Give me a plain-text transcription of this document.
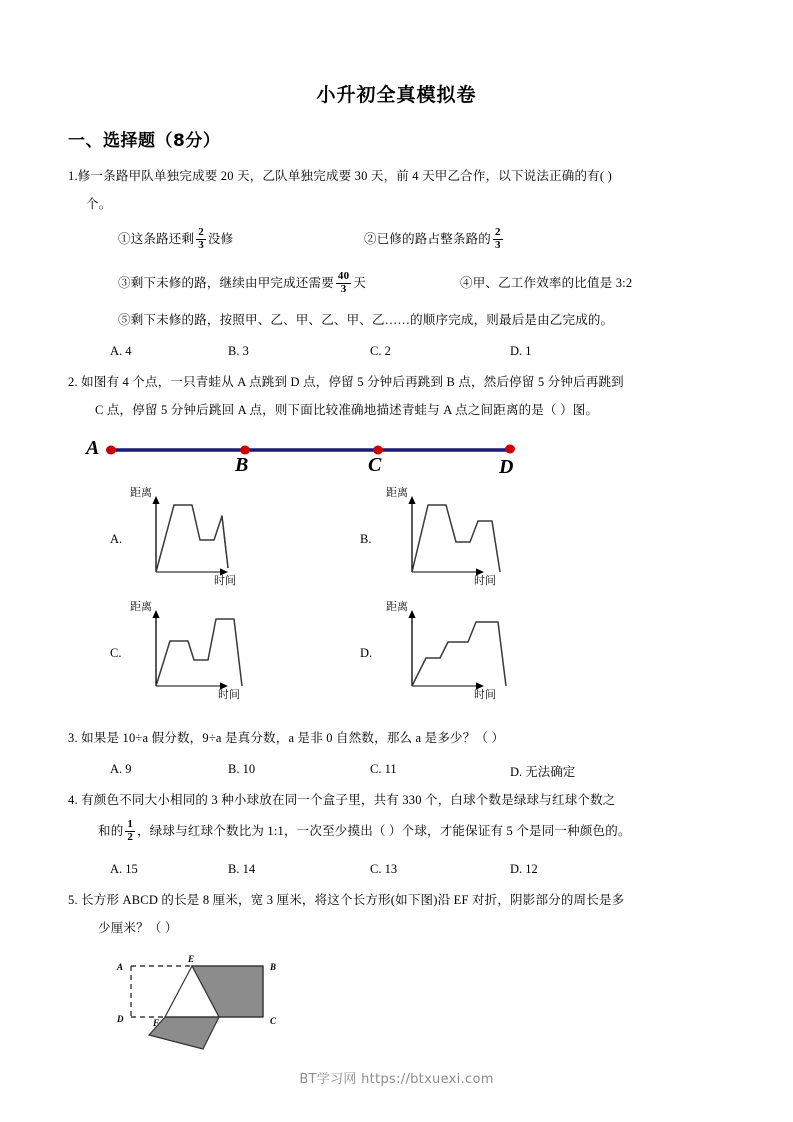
小升初全真模拟卷
一、选择题（8分）
1.修一条路甲队单独完成要 20 天，乙队单独完成要 30 天，前 4 天甲乙合作，以下说法正确的有( )
个。
①这条路还剩 $\frac{2}{3}$ 没修	②已修的路占整条路的 $\frac{2}{3}$
③剩下未修的路，继续由甲完成还需要 $\frac{40}{3}$ 天	④甲、乙工作效率的比值是 3:2
⑤剩下未修的路，按照甲、乙、甲、乙、甲、乙……的顺序完成，则最后是由乙完成的。
A. 4	B. 3	C. 2	D. 1
2. 如图有 4 个点，一只青蛙从 A 点跳到 D 点，停留 5 分钟后再跳到 B 点，然后停留 5 分钟后再跳到
C 点，停留 5 分钟后跳回 A 点，则下面比较准确地描述青蛙与 A 点之间距离的是（ ）图。
A
B	C	D
A.
距离
时间
B.
距离
时间
C.
距离
时间
D.
距离
时间
3. 如果是 10÷a 假分数，9÷a 是真分数，a 是非 0 自然数，那么 a 是多少？（ ）
A. 9	B. 10	C. 11	D. 无法确定
4. 有颜色不同大小相同的 3 种小球放在同一个盒子里，共有 330 个，白球个数是绿球与红球个数之
和的 $\frac{1}{2}$ ，绿球与红球个数比为 1:1，一次至少摸出（ ）个球，才能保证有 5 个是同一种颜色的。
A. 15	B. 14	C. 13	D. 12
5. 长方形 ABCD 的长是 8 厘米，宽 3 厘米，将这个长方形(如下图)沿 EF 对折，阴影部分的周长是多
少厘米？（ ）
A	B
C
D
E
F
BT学习网 https://btxuexi.com
